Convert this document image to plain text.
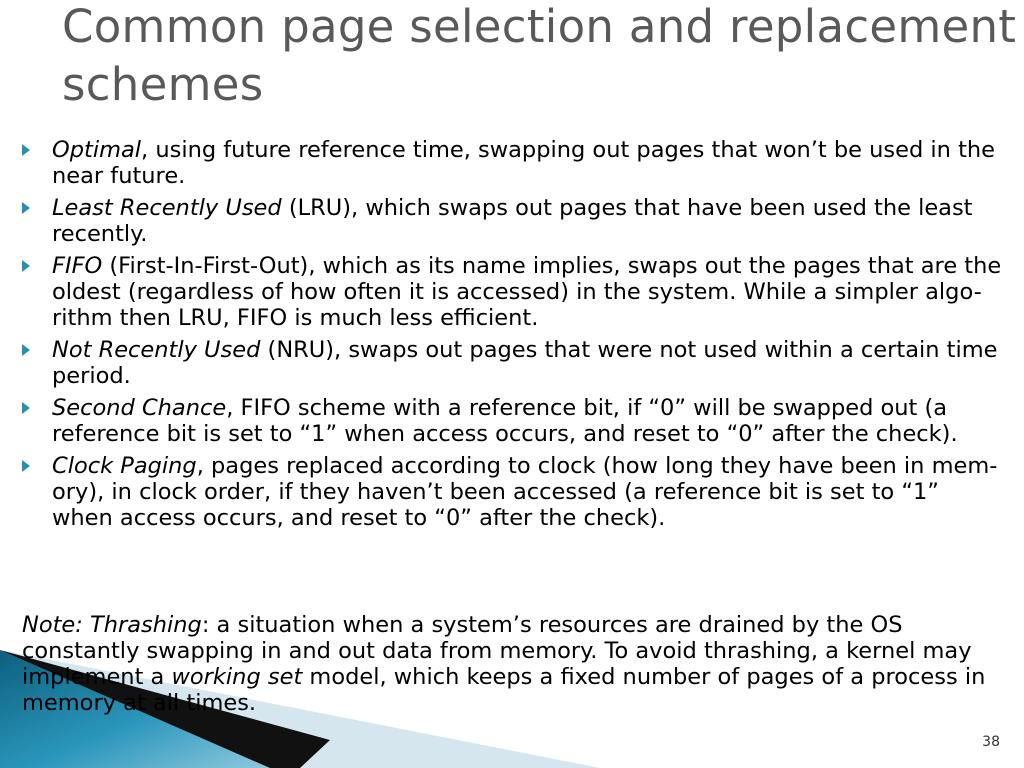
Common page selection and replacement schemes
Optimal, using future reference time, swapping out pages that won’t be used in the near future.
Least Recently Used (LRU), which swaps out pages that have been used the least recently.
FIFO (First-In-First-Out), which as its name implies, swaps out the pages that are the oldest (regardless of how often it is accessed) in the system. While a simpler algo- rithm then LRU, FIFO is much less efficient.
Not Recently Used (NRU), swaps out pages that were not used within a certain time period.
Second Chance, FIFO scheme with a reference bit, if “0” will be swapped out (a reference bit is set to “1” when access occurs, and reset to “0” after the check).
Clock Paging, pages replaced according to clock (how long they have been in mem- ory), in clock order, if they haven’t been accessed (a reference bit is set to “1” when access occurs, and reset to “0” after the check).

Note: Thrashing: a situation when a system’s resources are drained by the OS constantly swapping in and out data from memory. To avoid thrashing, a kernel may implement a working set model, which keeps a fixed number of pages of a process in memory at all times.

38
